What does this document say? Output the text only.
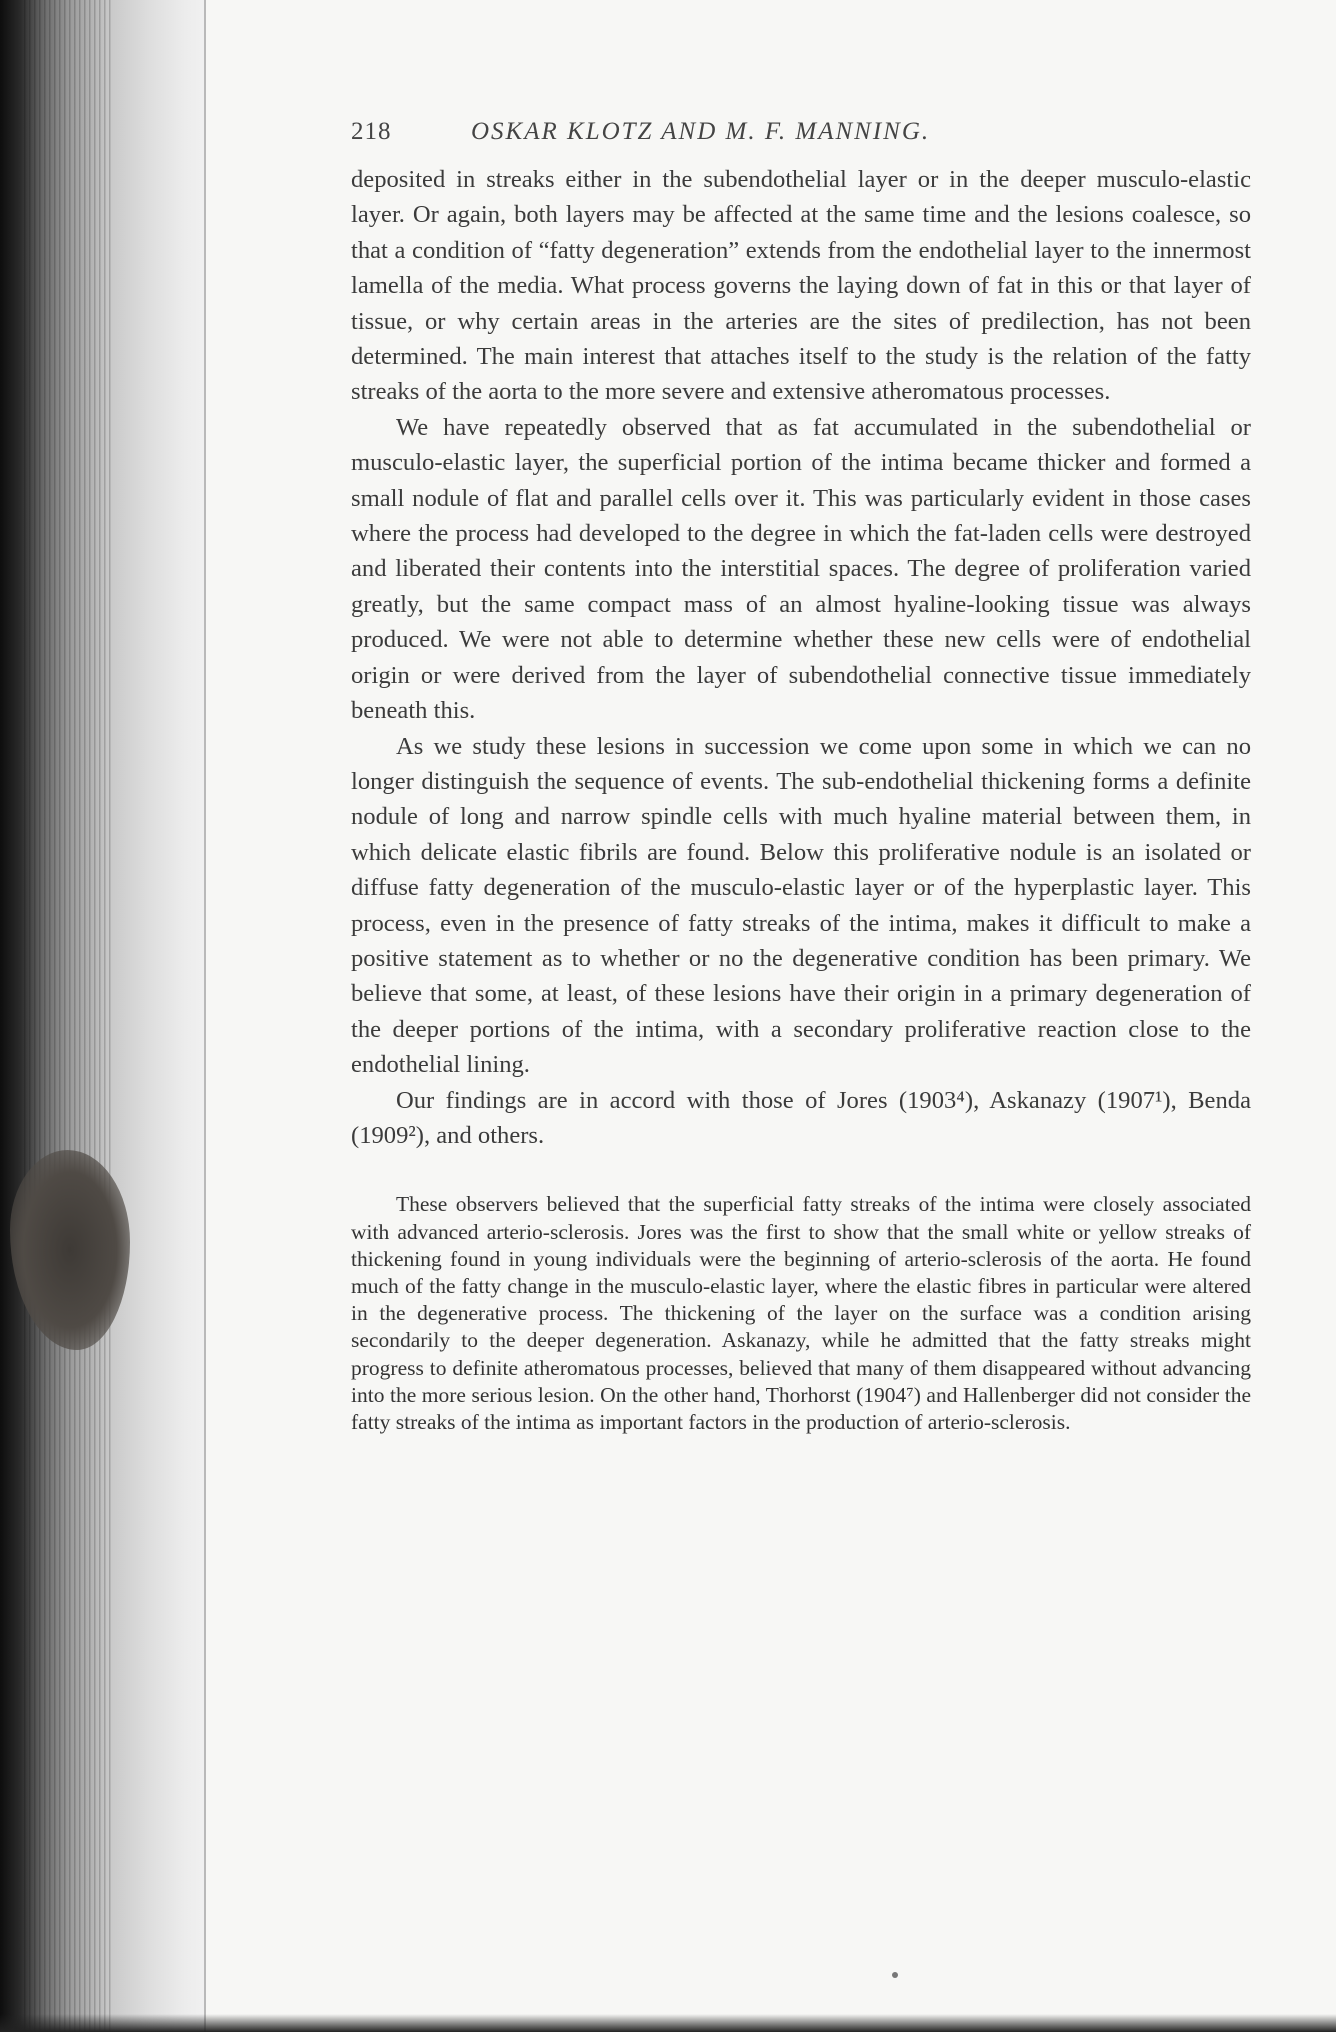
218	OSKAR KLOTZ AND M. F. MANNING.

deposited in streaks either in the subendothelial layer or in the deeper musculo-elastic layer. Or again, both layers may be affected at the same time and the lesions coalesce, so that a condition of “fatty degeneration” extends from the endothelial layer to the innermost lamella of the media. What process governs the laying down of fat in this or that layer of tissue, or why certain areas in the arteries are the sites of predilection, has not been determined. The main interest that attaches itself to the study is the relation of the fatty streaks of the aorta to the more severe and extensive atheromatous processes.

We have repeatedly observed that as fat accumulated in the subendothelial or musculo-elastic layer, the superficial portion of the intima became thicker and formed a small nodule of flat and parallel cells over it. This was particularly evident in those cases where the process had developed to the degree in which the fat-laden cells were destroyed and liberated their contents into the interstitial spaces. The degree of proliferation varied greatly, but the same compact mass of an almost hyaline-looking tissue was always produced. We were not able to determine whether these new cells were of endothelial origin or were derived from the layer of subendothelial connective tissue immediately beneath this.

As we study these lesions in succession we come upon some in which we can no longer distinguish the sequence of events. The sub-endothelial thickening forms a definite nodule of long and narrow spindle cells with much hyaline material between them, in which delicate elastic fibrils are found. Below this proliferative nodule is an isolated or diffuse fatty degeneration of the musculo-elastic layer or of the hyperplastic layer. This process, even in the presence of fatty streaks of the intima, makes it difficult to make a positive statement as to whether or no the degenerative condition has been primary. We believe that some, at least, of these lesions have their origin in a primary degeneration of the deeper portions of the intima, with a secondary proliferative reaction close to the endothelial lining.

Our findings are in accord with those of Jores (1903⁴), Askanazy (1907¹), Benda (1909²), and others.

These observers believed that the superficial fatty streaks of the intima were closely associated with advanced arterio-sclerosis. Jores was the first to show that the small white or yellow streaks of thickening found in young individuals were the beginning of arterio-sclerosis of the aorta. He found much of the fatty change in the musculo-elastic layer, where the elastic fibres in particular were altered in the degenerative process. The thickening of the layer on the surface was a condition arising secondarily to the deeper degeneration. Askanazy, while he admitted that the fatty streaks might progress to definite atheromatous processes, believed that many of them disappeared without advancing into the more serious lesion. On the other hand, Thorhorst (1904⁷) and Hallenberger did not consider the fatty streaks of the intima as important factors in the production of arterio-sclerosis.
